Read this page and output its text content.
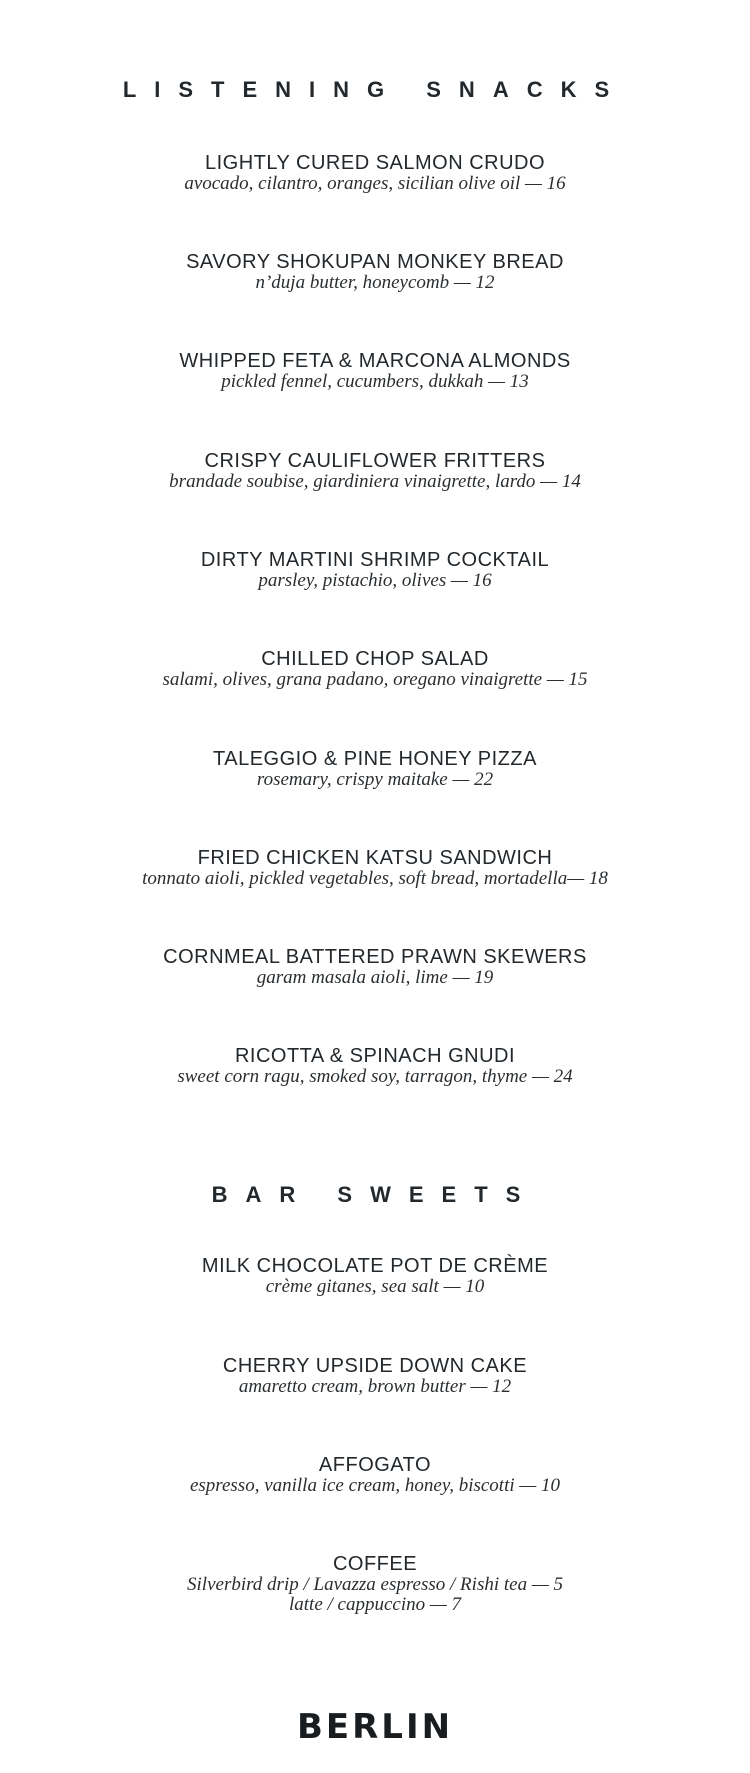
LISTENING SNACKS
LIGHTLY CURED SALMON CRUDO
avocado, cilantro, oranges, sicilian olive oil — 16
SAVORY SHOKUPAN MONKEY BREAD
n’duja butter, honeycomb — 12
WHIPPED FETA & MARCONA ALMONDS
pickled fennel, cucumbers, dukkah — 13
CRISPY CAULIFLOWER FRITTERS
brandade soubise, giardiniera vinaigrette, lardo — 14
DIRTY MARTINI SHRIMP COCKTAIL
parsley, pistachio, olives — 16
CHILLED CHOP SALAD
salami, olives, grana padano, oregano vinaigrette — 15
TALEGGIO & PINE HONEY PIZZA
rosemary, crispy maitake — 22
FRIED CHICKEN KATSU SANDWICH
tonnato aioli, pickled vegetables, soft bread, mortadella— 18
CORNMEAL BATTERED PRAWN SKEWERS
garam masala aioli, lime — 19
RICOTTA & SPINACH GNUDI
sweet corn ragu, smoked soy, tarragon, thyme — 24
BAR SWEETS
MILK CHOCOLATE POT DE CRÈME
crème gitanes, sea salt — 10
CHERRY UPSIDE DOWN CAKE
amaretto cream, brown butter — 12
AFFOGATO
espresso, vanilla ice cream, honey, biscotti — 10
COFFEE
Silverbird drip / Lavazza espresso / Rishi tea — 5
latte / cappuccino — 7
BERLIN
